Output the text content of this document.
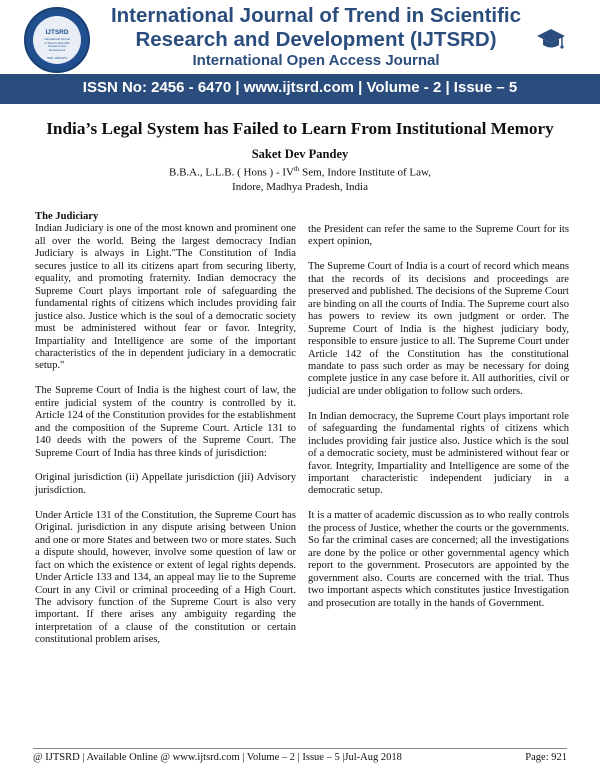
IJTSRD
International Journal
of Trend in Scientific
Research and
Development
ISSN: 2456-6470
International Journal of Trend in Scientific
Research and Development (IJTSRD)
International Open Access Journal
ISSN No: 2456 - 6470 | www.ijtsrd.com | Volume - 2 | Issue – 5
India’s Legal System has Failed to Learn From Institutional Memory
Saket Dev Pandey
B.B.A., L.L.B. ( Hons ) - IVth Sem, Indore Institute of Law,
Indore, Madhya Pradesh, India
The Judiciary

Indian Judiciary is one of the most known and prominent one all over the world. Being the largest democracy Indian Judiciary is always in Light."The Constitution of India secures justice to all its citizens apart from securing liberty, equality, and promoting fraternity. Indian democracy the Supreme Court plays important role of safeguarding the fundamental rights of citizens which includes providing fair justice also. Justice which is the soul of a democratic society must be administered without fear or favor. Integrity, Impartiality and Intelligence are some of the important characteristics of the in dependent judiciary in a democratic setup."

The Supreme Court of India is the highest court of law, the entire judicial system of the country is controlled by it. Article 124 of the Constitution provides for the establishment and the composition of the Supreme Court. Article 131 to 140 deeds with the powers of the Supreme Court. The Supreme Court of India has three kinds of jurisdiction:

Original jurisdiction (ii) Appellate jurisdiction (jii) Advisory jurisdiction.

Under Article 131 of the Constitution, the Supreme Court has Original. jurisdiction in any dispute arising between Union and one or more States and between two or more states. Such a dispute should, however, involve some question of law or fact on which the existence or extent of legal rights depends. Under Article 133 and 134, an appeal may lie to the Supreme Court in any Civil or criminal proceeding of a High Court. The advisory function of the Supreme Court is also very important. If there arises any ambiguity regarding the interpretation of a clause of the constitution or certain constitutional problem arises,

the President can refer the same to the Supreme Court for its expert opinion,

The Supreme Court of India is a court of record which means that the records of its decisions and proceedings are preserved and published. The decisions of the Supreme Court are binding on all the courts of India. The Supreme court also has powers to review its own judgment or order. The Supreme Court of lndia is the highest judiciary body, responsible to ensure justice to all. The Supreme Court under Article 142 of the Constitution has the constitutional mandate to pass such order as may be necessary for doing complete justice in any case before it. All authorities, civil or judicial are under obligation to follow such orders.

In Indian democracy, the Supreme Court plays important role of safeguarding the fundamental rights of citizens which includes providing fair justice also. Justice which is the soul of a democratic society, must be administered without fear or favor. Integrity, Impartiality and Intelligence are some of the important characteristic independent judiciary in a democratic setup.

It is a matter of academic discussion as to who really controls the process of Justice, whether the courts or the governments. So far the criminal cases are concerned; all the investigations are done by the police or other governmental agency which report to the government. Prosecutors are appointed by the government also. Courts are concerned with the trial. Thus two important aspects which constitutes justice Investigation and prosecution are totally in the hands of Government.

@ IJTSRD | Available Online @ www.ijtsrd.com | Volume – 2 | Issue – 5 |Jul-Aug 2018	Page: 921
